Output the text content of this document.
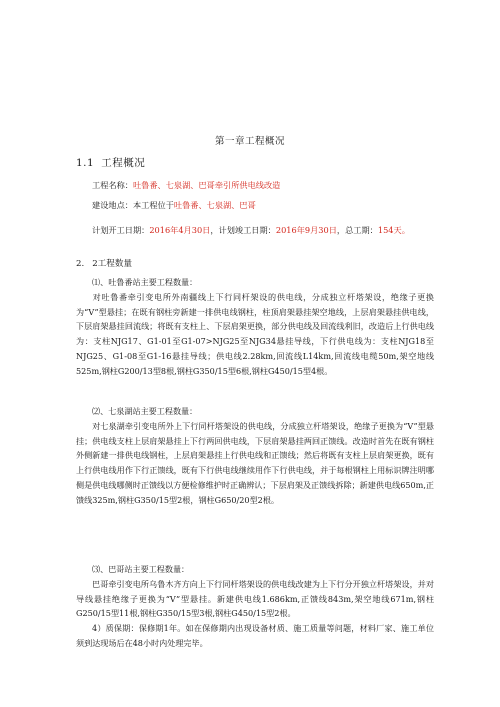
第一章工程概况
1.1 工程概况
工程名称：吐鲁番、七泉湖、巴哥牵引所供电线改造
建设地点：本工程位于吐鲁番、七泉湖、巴哥
计划开工日期：2016年4月30日，计划竣工日期：2016年9月30日，总工期：154天。
2. 2工程数量
⑴、吐鲁番站主要工程数量：
对吐鲁番牵引变电所外南疆线上下行同杆架设的供电线，分成独立杆塔架设，绝缘子更换为“V”型悬挂；在既有钢柱旁新建一排供电线钢柱，柱顶肩架悬挂架空地线，上层肩架悬挂供电线，下层肩架悬挂回流线；将既有支柱上、下层肩架更换，部分供电线及回流线利旧，改造后上行供电线为：支柱NJG17、G1-01至G1-07>NJG25至NJG34悬挂导线，下行供电线为：支柱NJG18至NJG25、G1-08至G1-16悬挂导线；供电线2.28km,回流线L14km,回流线电缆50m,架空地线525m,钢柱G200/13型8根,钢柱G350/15型6根,钢柱G450/15型4根。
⑵、七泉湖站主要工程数量：
对七泉湖牵引变电所外上下行同杆塔架设的供电线，分成独立杆塔架设，绝缘子更换为“V”型悬挂；供电线支柱上层肩架悬挂上下行两回供电线，下层肩架悬挂两回正馈线。改造时首先在既有钢柱外侧新建一排供电线钢柱，上层肩架悬挂上行供电线和正馈线；然后将既有支柱上层肩架更换，既有上行供电线用作下行正馈线，既有下行供电线继续用作下行供电线，并于每根钢柱上用标识牌注明哪侧是供电线哪侧时正馈线以方便检修维护时正确辨认；下层肩架及正馈线拆除；新建供电线650m,正馈线325m,钢柱G350/15型2根，钢柱G650/20型2根。
⑶、巴哥站主要工程数量：
巴哥牵引变电所乌鲁木齐方向上下行同杆塔架设的供电线改建为上下行分开独立杆塔架设，并对导线悬挂绝缘子更换为“V”型悬挂。新建供电线1.686km,正馈线843m,架空地线671m,钢柱G250/15型11根,钢柱G350/15型3根,钢柱G450/15型2根。
4）质保期：保修期1年。如在保修期内出现设备材质、施工质量等问题，材料厂家、施工单位须到达现场后在48小时内处理完毕。
